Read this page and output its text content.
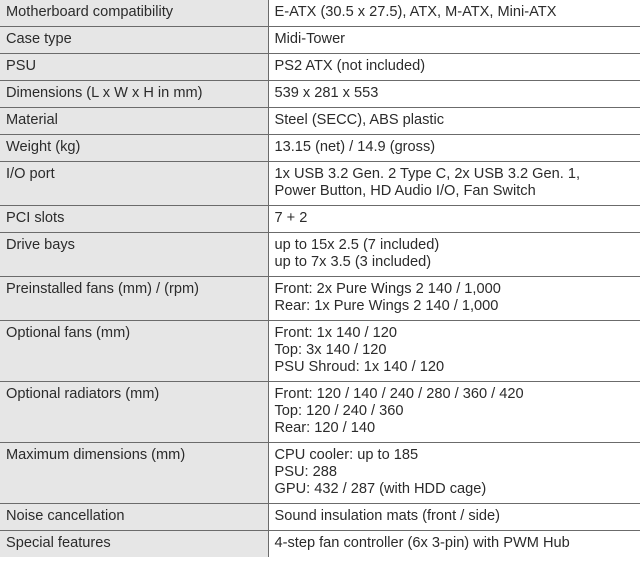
Motherboard compatibility	E-ATX (30.5 x 27.5), ATX, M-ATX, Mini-ATX

Case type	Midi-Tower

PSU	PS2 ATX (not included)

Dimensions (L x W x H in mm)	539 x 281 x 553

Material	Steel (SECC), ABS plastic

Weight (kg)	13.15 (net) / 14.9 (gross)

I/O port	1x USB 3.2 Gen. 2 Type C, 2x USB 3.2 Gen. 1,
Power Button, HD Audio I/O, Fan Switch

PCI slots	7 + 2

Drive bays	up to 15x 2.5 (7 included)
up to 7x 3.5 (3 included)

Preinstalled fans (mm) / (rpm)	Front: 2x Pure Wings 2 140 / 1,000
Rear: 1x Pure Wings 2 140 / 1,000

Optional fans (mm)	Front: 1x 140 / 120
Top: 3x 140 / 120
PSU Shroud: 1x 140 / 120

Optional radiators (mm)	Front: 120 / 140 / 240 / 280 / 360 / 420
Top: 120 / 240 / 360
Rear: 120 / 140

Maximum dimensions (mm)	CPU cooler: up to 185
PSU: 288
GPU: 432 / 287 (with HDD cage)

Noise cancellation	Sound insulation mats (front / side)

Special features	4-step fan controller (6x 3-pin) with PWM Hub
